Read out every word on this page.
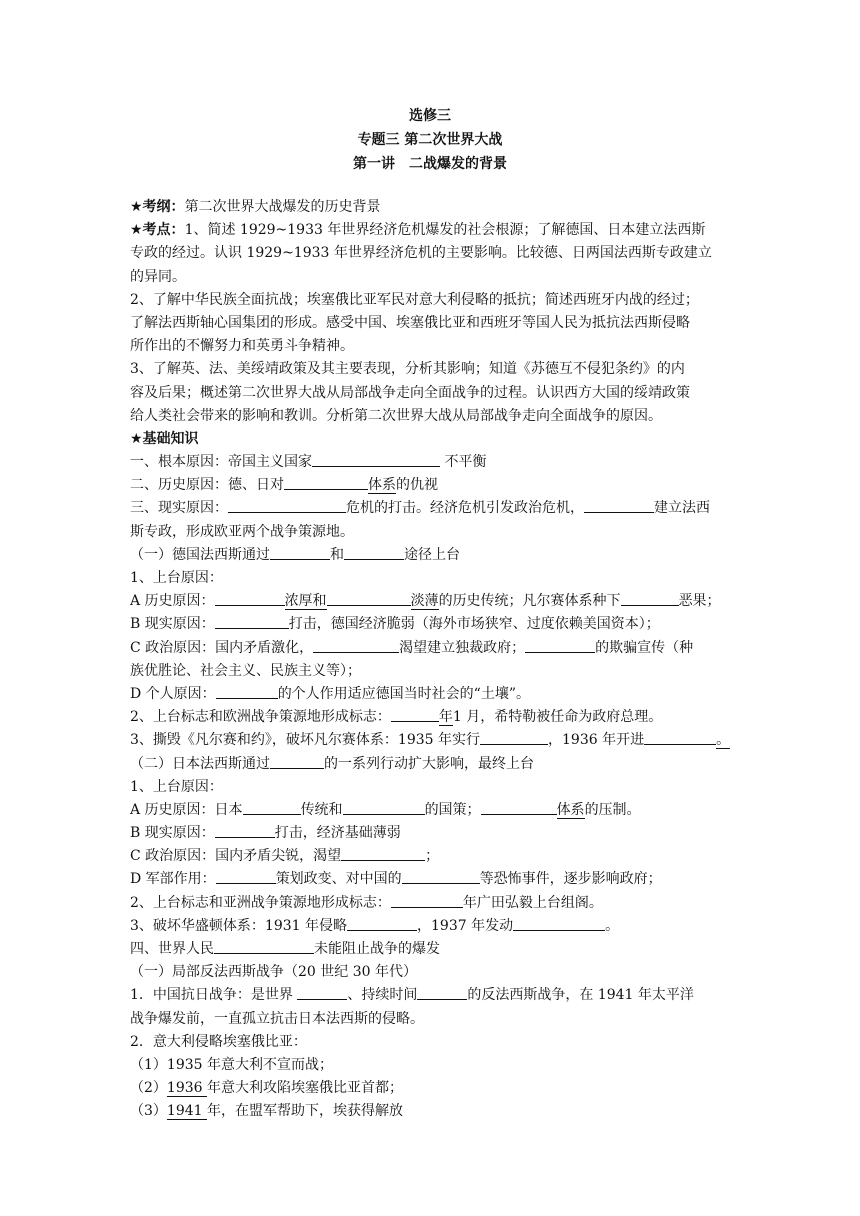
选修三
专题三 第二次世界大战
第一讲　二战爆发的背景
★考纲：第二次世界大战爆发的历史背景
★考点：1、简述 1929~1933 年世界经济危机爆发的社会根源；了解德国、日本建立法西斯
专政的经过。认识 1929~1933 年世界经济危机的主要影响。比较德、日两国法西斯专政建立
的异同。
2、了解中华民族全面抗战；埃塞俄比亚军民对意大利侵略的抵抗；简述西班牙内战的经过；
了解法西斯轴心国集团的形成。感受中国、埃塞俄比亚和西班牙等国人民为抵抗法西斯侵略
所作出的不懈努力和英勇斗争精神。
3、了解英、法、美绥靖政策及其主要表现，分析其影响；知道《苏德互不侵犯条约》的内
容及后果；概述第二次世界大战从局部战争走向全面战争的过程。认识西方大国的绥靖政策
给人类社会带来的影响和教训。分析第二次世界大战从局部战争走向全面战争的原因。
★基础知识
一、根本原因：帝国主义国家	不平衡
二、历史原因：德、日对	体系的仇视
三、现实原因：	危机的打击。经济危机引发政治危机，	建立法西
斯专政，形成欧亚两个战争策源地。
（一）德国法西斯通过	和	途径上台
1、上台原因：
A 历史原因：	浓厚和	淡薄的历史传统；凡尔赛体系种下	恶果；
B 现实原因：	打击，德国经济脆弱（海外市场狭窄、过度依赖美国资本）；
C 政治原因：国内矛盾激化，	渴望建立独裁政府；	的欺骗宣传（种
族优胜论、社会主义、民族主义等）；
D 个人原因：	的个人作用适应德国当时社会的“土壤”。
2、上台标志和欧洲战争策源地形成标志：	年1 月，希特勒被任命为政府总理。
3、撕毁《凡尔赛和约》，破坏凡尔赛体系：1935 年实行	，1936 年开进	。
（二）日本法西斯通过	的一系列行动扩大影响，最终上台
1、上台原因：
A 历史原因：日本	传统和	的国策；	体系的压制。
B 现实原因：	打击，经济基础薄弱
C 政治原因：国内矛盾尖锐，渴望	；
D 军部作用：	策划政变、对中国的	等恐怖事件，逐步影响政府；
2、上台标志和亚洲战争策源地形成标志：	年广田弘毅上台组阁。
3、破坏华盛顿体系：1931 年侵略	，1937 年发动	。
四、世界人民	未能阻止战争的爆发
（一）局部反法西斯战争（20 世纪 30 年代）
1．中国抗日战争：是世界	、持续时间	的反法西斯战争，在 1941 年太平洋
战争爆发前，一直孤立抗击日本法西斯的侵略。
2．意大利侵略埃塞俄比亚：
（1）1935 年意大利不宣而战；
（2）1936 年意大利攻陷埃塞俄比亚首都；
（3）1941 年，在盟军帮助下，埃获得解放
